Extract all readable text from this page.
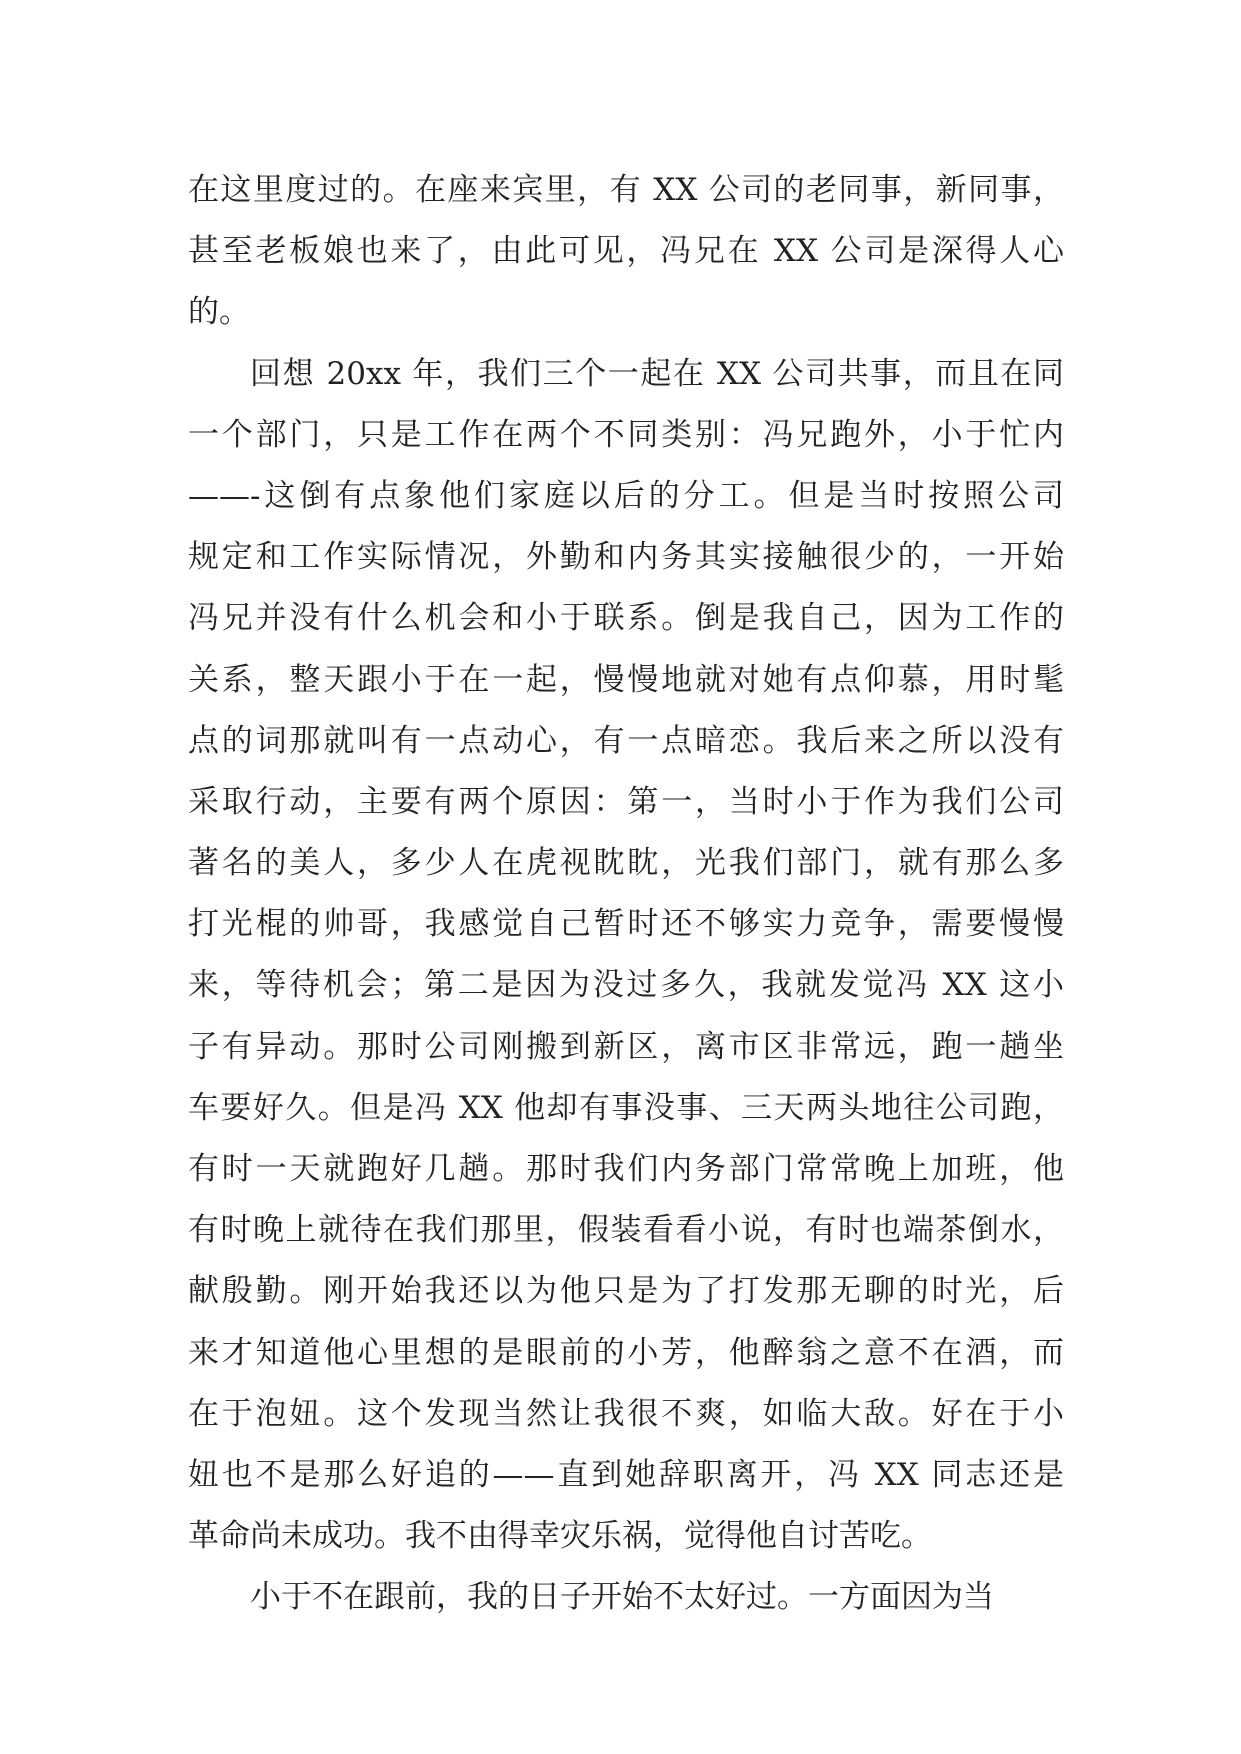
在这里度过的。在座来宾里，有 XX 公司的老同事，新同事，
甚至老板娘也来了，由此可见，冯兄在 XX 公司是深得人心
的。
回想 20xx 年，我们三个一起在 XX 公司共事，而且在同
一个部门，只是工作在两个不同类别：冯兄跑外，小于忙内
——-这倒有点象他们家庭以后的分工。但是当时按照公司
规定和工作实际情况，外勤和内务其实接触很少的，一开始
冯兄并没有什么机会和小于联系。倒是我自己，因为工作的
关系，整天跟小于在一起，慢慢地就对她有点仰慕，用时髦
点的词那就叫有一点动心，有一点暗恋。我后来之所以没有
采取行动，主要有两个原因：第一，当时小于作为我们公司
著名的美人，多少人在虎视眈眈，光我们部门，就有那么多
打光棍的帅哥，我感觉自己暂时还不够实力竞争，需要慢慢
来，等待机会；第二是因为没过多久，我就发觉冯 XX 这小
子有异动。那时公司刚搬到新区，离市区非常远，跑一趟坐
车要好久。但是冯 XX 他却有事没事、三天两头地往公司跑，
有时一天就跑好几趟。那时我们内务部门常常晚上加班，他
有时晚上就待在我们那里，假装看看小说，有时也端茶倒水，
献殷勤。刚开始我还以为他只是为了打发那无聊的时光，后
来才知道他心里想的是眼前的小芳，他醉翁之意不在酒，而
在于泡妞。这个发现当然让我很不爽，如临大敌。好在于小
妞也不是那么好追的——直到她辞职离开，冯 XX 同志还是
革命尚未成功。我不由得幸灾乐祸，觉得他自讨苦吃。
小于不在跟前，我的日子开始不太好过。一方面因为当
